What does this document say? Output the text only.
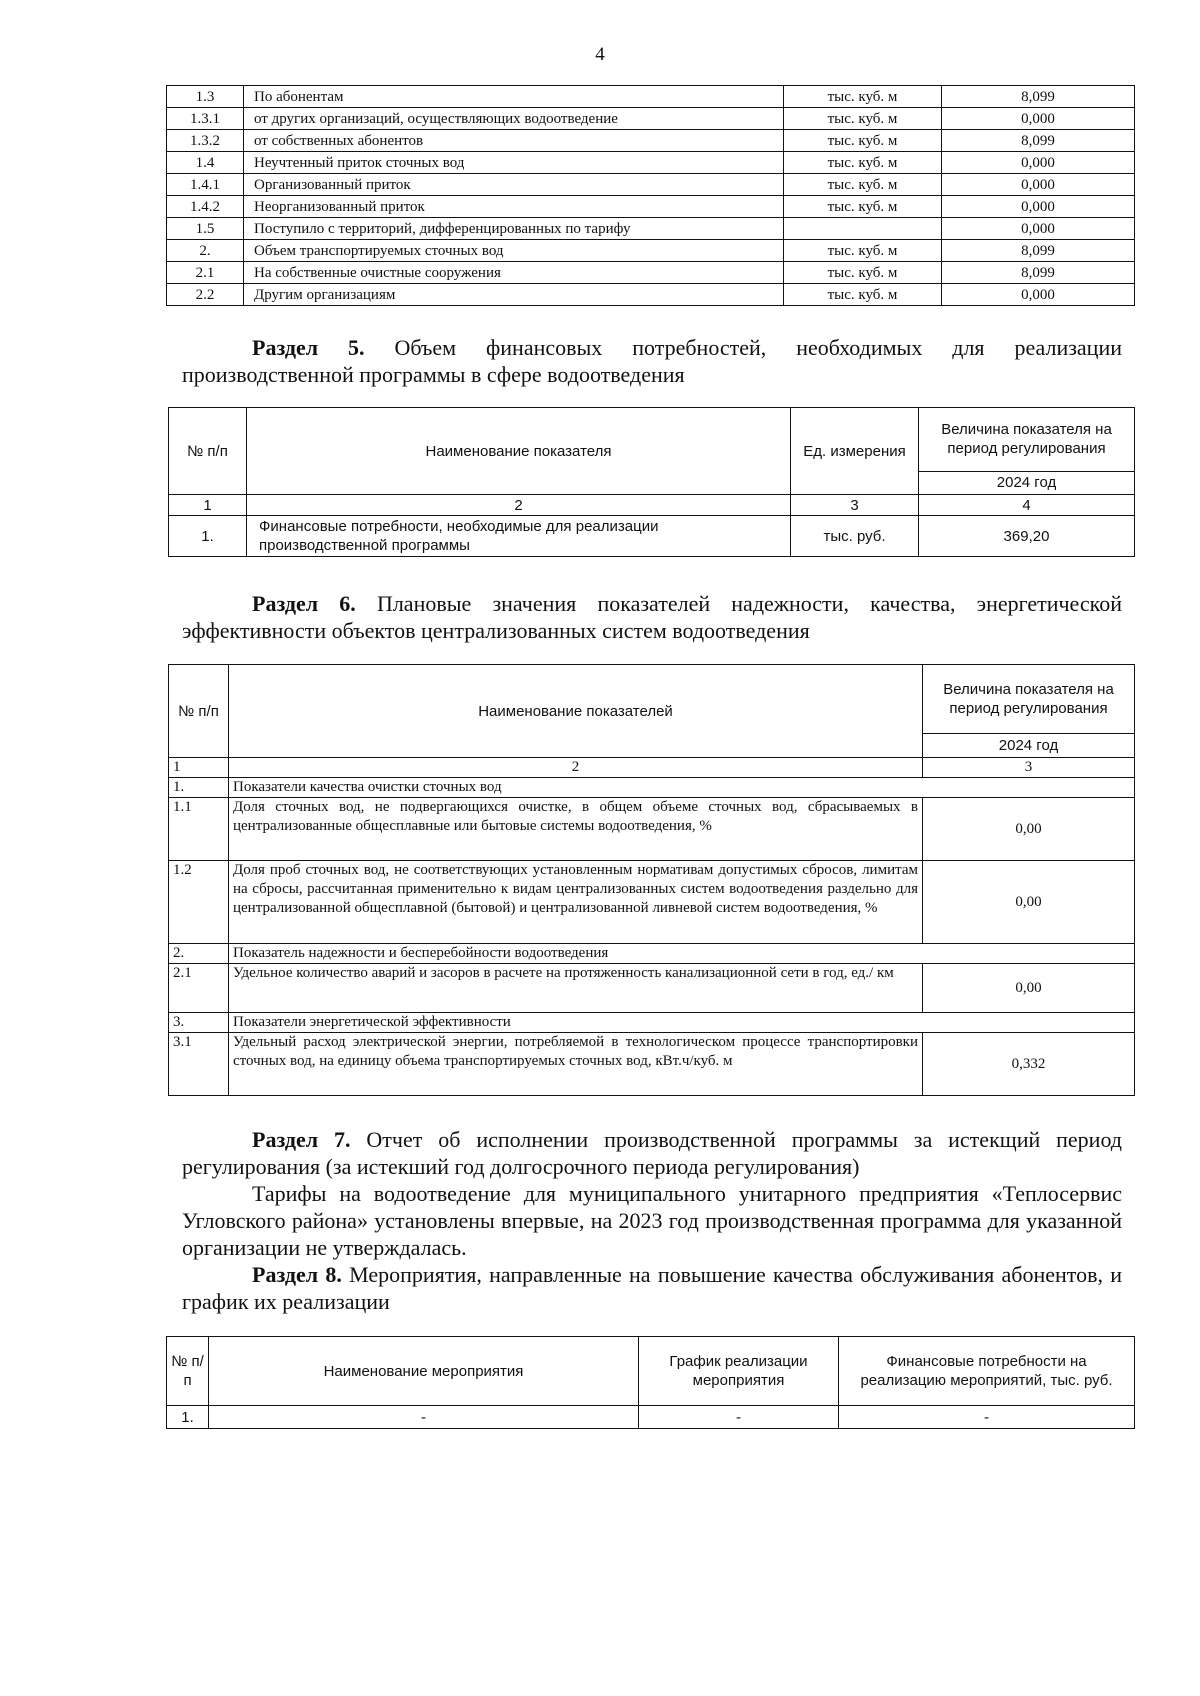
4
1.3	По абонентам	тыс. куб. м	8,099
1.3.1	от других организаций, осуществляющих водоотведение	тыс. куб. м	0,000
1.3.2	от собственных абонентов	тыс. куб. м	8,099
1.4	Неучтенный приток сточных вод	тыс. куб. м	0,000
1.4.1	Организованный приток	тыс. куб. м	0,000
1.4.2	Неорганизованный приток	тыс. куб. м	0,000
1.5	Поступило с территорий, дифференцированных по тарифу		0,000
2.	Объем транспортируемых сточных вод	тыс. куб. м	8,099
2.1	На собственные очистные сооружения	тыс. куб. м	8,099
2.2	Другим организациям	тыс. куб. м	0,000
Раздел 5. Объем финансовых потребностей, необходимых для реализации производственной программы в сфере водоотведения
№ п/п	Наименование показателя	Ед. измерения	Величина показателя на период регулирования
			2024 год
1	2	3	4
1.	Финансовые потребности, необходимые для реализации производственной программы	тыс. руб.	369,20
Раздел 6. Плановые значения показателей надежности, качества, энергетической эффективности объектов централизованных систем водоотведения
№ п/п	Наименование показателей	Величина показателя на период регулирования
		2024 год
1	2	3
1.	Показатели качества очистки сточных вод	
1.1	Доля сточных вод, не подвергающихся очистке, в общем объеме сточных вод, сбрасываемых в централизованные общесплавные или бытовые системы водоотведения, %	0,00
1.2	Доля проб сточных вод, не соответствующих установленным нормативам допустимых сбросов, лимитам на сбросы, рассчитанная применительно к видам централизованных систем водоотведения раздельно для централизованной общесплавной (бытовой) и централизованной ливневой систем водоотведения, %	0,00
2.	Показатель надежности и бесперебойности водоотведения	
2.1	Удельное количество аварий и засоров в расчете на протяженность канализационной сети в год, ед./ км	0,00
3.	Показатели энергетической эффективности	
3.1	Удельный расход электрической энергии, потребляемой в технологическом процессе транспортировки сточных вод, на единицу объема транспортируемых сточных вод, кВт.ч/куб. м	0,332
Раздел 7. Отчет об исполнении производственной программы за истекщий период регулирования (за истекший год долгосрочного периода регулирования)
Тарифы на водоотведение для муниципального унитарного предприятия «Теплосервис Угловского района» установлены впервые, на 2023 год производственная программа для указанной организации не утверждалась.
Раздел 8. Мероприятия, направленные на повышение качества обслуживания абонентов, и график их реализации
№ п/п	Наименование мероприятия	График реализации мероприятия	Финансовые потребности на реализацию мероприятий, тыс. руб.
1.	-	-	-
